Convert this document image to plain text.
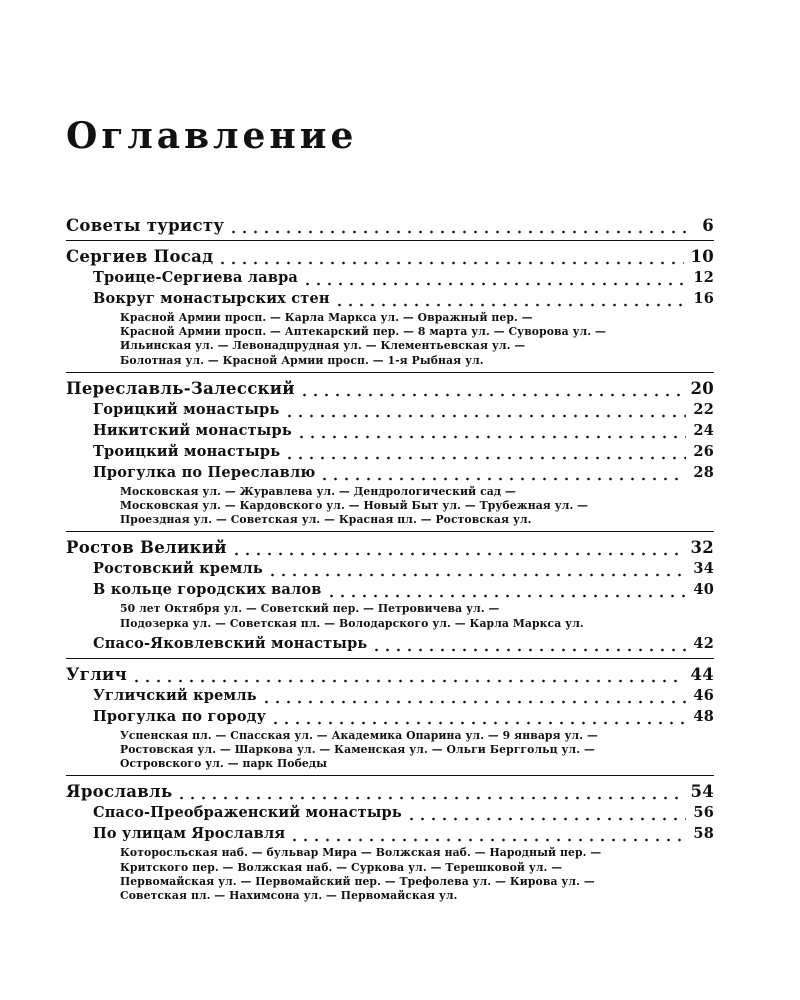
Оглавление
Советы туристу	6
Сергиев Посад	10
Троице-Сергиева лавра	12
Вокруг монастырских стен	16
Красной Армии просп. — Карла Маркса ул. — Овражный пер. —
Красной Армии просп. — Аптекарский пер. — 8 марта ул. — Суворова ул. —
Ильинская ул. — Левонадпрудная ул. — Клементьевская ул. —
Болотная ул. — Красной Армии просп. — 1-я Рыбная ул.
Переславль-Залесский	20
Горицкий монастырь	22
Никитский монастырь	24
Троицкий монастырь	26
Прогулка по Переславлю	28
Московская ул. — Журавлева ул. — Дендрологический сад —
Московская ул. — Кардовского ул. — Новый Быт ул. — Трубежная ул. —
Проездная ул. — Советская ул. — Красная пл. — Ростовская ул.
Ростов Великий	32
Ростовский кремль	34
В кольце городских валов	40
50 лет Октября ул. — Советский пер. — Петровичева ул. —
Подозерка ул. — Советская пл. — Володарского ул. — Карла Маркса ул.
Спасо-Яковлевский монастырь	42
Углич	44
Угличский кремль	46
Прогулка по городу	48
Успенская пл. — Спасская ул. — Академика Опарина ул. — 9 января ул. —
Ростовская ул. — Шаркова ул. — Каменская ул. — Ольги Берггольц ул. —
Островского ул. — парк Победы
Ярославль	54
Спасо-Преображенский монастырь	56
По улицам Ярославля	58
Которосльская наб. — бульвар Мира — Волжская наб. — Народный пер. —
Критского пер. — Волжская наб. — Суркова ул. — Терешковой ул. —
Первомайская ул. — Первомайский пер. — Трефолева ул. — Кирова ул. —
Советская пл. — Нахимсона ул. — Первомайская ул.
